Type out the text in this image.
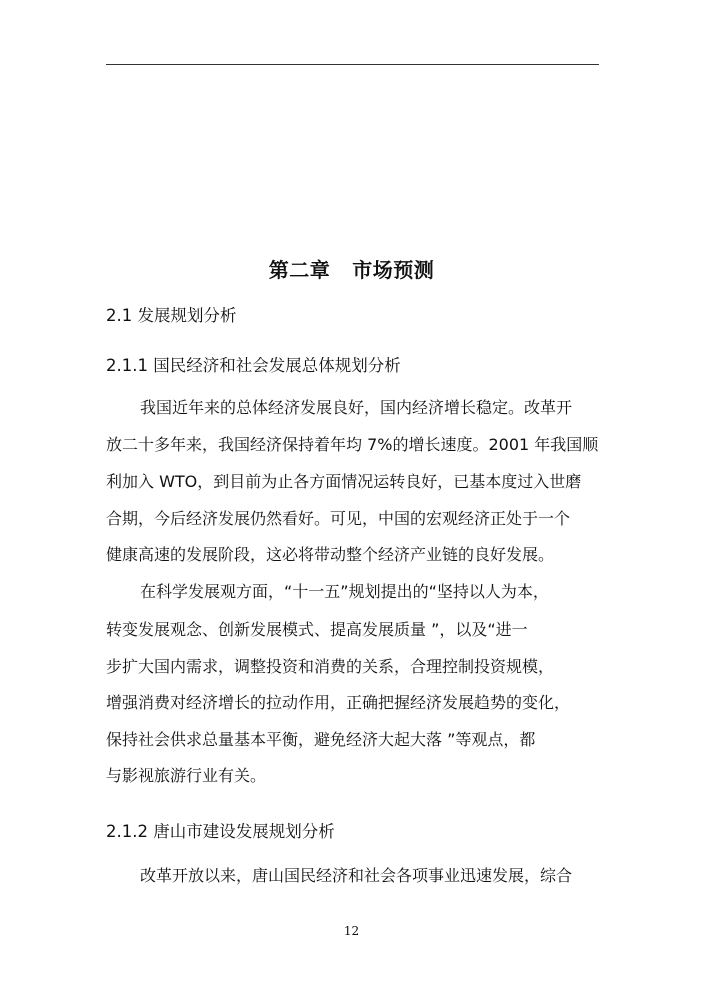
第二章 市场预测
2.1 发展规划分析
2.1.1 国民经济和社会发展总体规划分析
我国近年来的总体经济发展良好，国内经济增长稳定。改革开
放二十多年来，我国经济保持着年均 7%的增长速度。2001 年我国顺
利加入 WTO，到目前为止各方面情况运转良好，已基本度过入世磨
合期，今后经济发展仍然看好。可见，中国的宏观经济正处于一个
健康高速的发展阶段，这必将带动整个经济产业链的良好发展。
在科学发展观方面，“十一五”规划提出的“坚持以人为本，
转变发展观念、创新发展模式、提高发展质量 ”，以及“进一
步扩大国内需求，调整投资和消费的关系，合理控制投资规模，
增强消费对经济增长的拉动作用，正确把握经济发展趋势的变化，
保持社会供求总量基本平衡，避免经济大起大落 ”等观点，都
与影视旅游行业有关。
2.1.2 唐山市建设发展规划分析
改革开放以来，唐山国民经济和社会各项事业迅速发展，综合
12
